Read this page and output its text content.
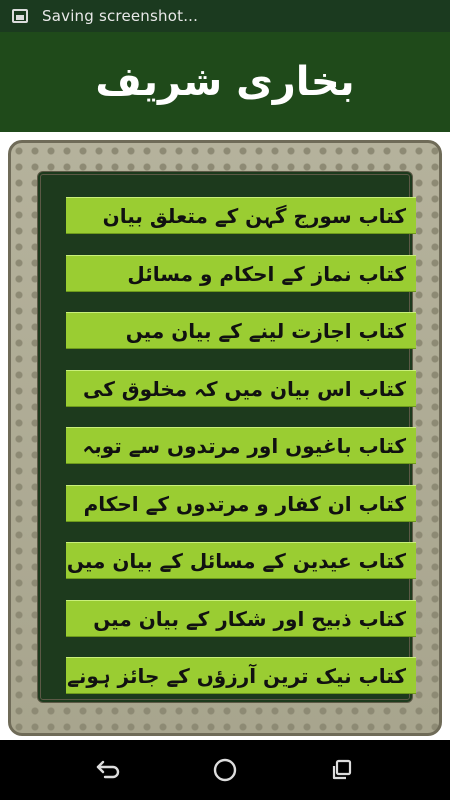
Saving screenshot...
بخاری شریف
کتاب سورج گہن کے متعلق بیان
کتاب نماز کے احکام و مسائل
کتاب اجازت لینے کے بیان میں
کتاب اس بیان میں کہ مخلوق کی
کتاب باغیوں اور مرتدوں سے توبہ
کتاب ان کفار و مرتدوں کے احکام
کتاب عیدین کے مسائل کے بیان میں
کتاب ذبیح اور شکار کے بیان میں
کتاب نیک ترین آرزؤں کے جائز ہونے
